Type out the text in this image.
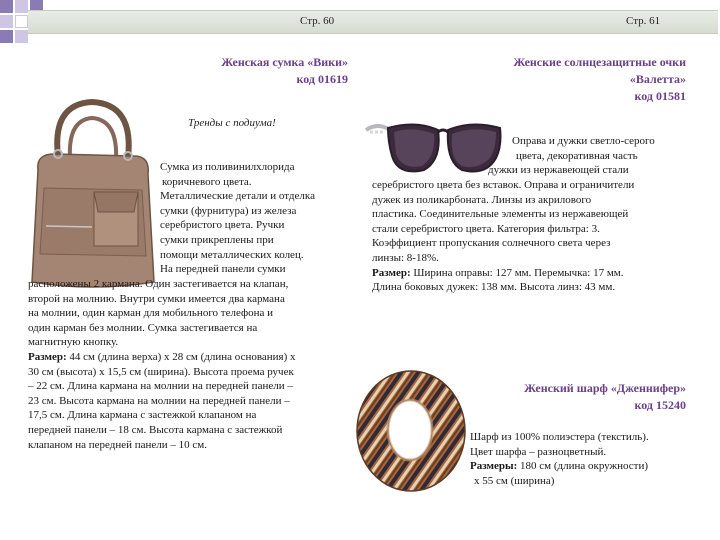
Стр. 60	Стр. 61
Женская сумка «Вики»
код 01619
Тренды с подиума!
Сумка из поливинилхлорида
коричневого цвета.
Металлические детали и отделка
сумки (фурнитура) из железа
серебристого цвета. Ручки
сумки прикреплены при
помощи металлических колец.
На передней панели сумки
расположены 2 кармана. Один застегивается на клапан,
второй на молнию. Внутри сумки имеется два кармана
на молнии, один карман для мобильного телефона и
один карман без молнии. Сумка застегивается на
магнитную кнопку.
Размер: 44 см (длина верха) х 28 см (длина основания) х
30 см (высота) х 15,5 см (ширина). Высота проема ручек
– 22 см. Длина кармана на молнии на передней панели –
23 см. Высота кармана на молнии на передней панели –
17,5 см. Длина кармана с застежкой клапаном на
передней панели – 18 см. Высота кармана с застежкой
клапаном на передней панели – 10 см.
Женские солнцезащитные очки
«Валетта»
код 01581
Оправа и дужки светло-серого
цвета, декоративная часть
дужки из нержавеющей стали
серебристого цвета без вставок. Оправа и ограничители
дужек из поликарбоната. Линзы из акрилового
пластика. Соединительные элементы из нержавеющей
стали серебристого цвета. Категория фильтра: 3.
Коэффициент пропускания солнечного света через
линзы: 8-18%.
Размер: Ширина оправы: 127 мм. Перемычка: 17 мм.
Длина боковых дужек: 138 мм. Высота линз: 43 мм.
Женский шарф «Дженнифер»
код 15240
Шарф из 100% полиэстера (текстиль).
Цвет шарфа – разноцветный.
Размеры: 180 см (длина окружности)
х 55 см (ширина)
